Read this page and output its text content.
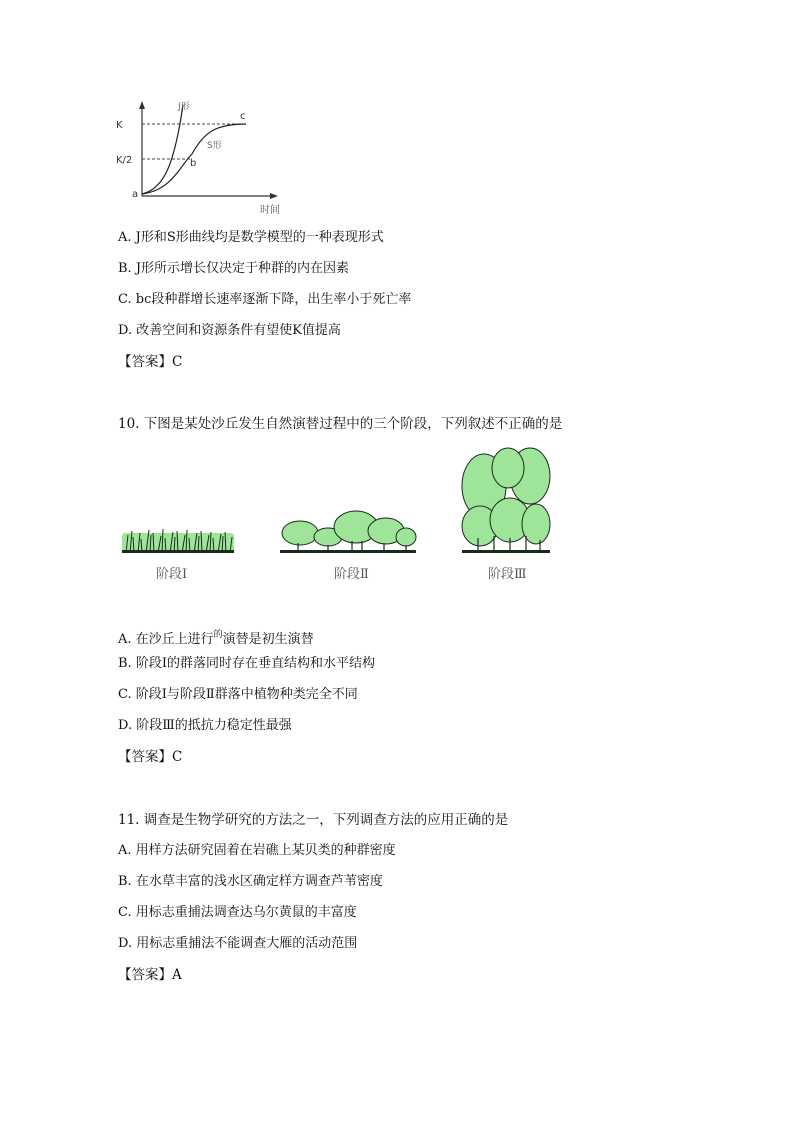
K
K/2
a
J形
S形
b
c
时间
A. J形和S形曲线均是数学模型的一种表现形式
B. J形所示增长仅决定于种群的内在因素
C. bc段种群增长速率逐渐下降，出生率小于死亡率
D. 改善空间和资源条件有望使K值提高
【答案】C
10. 下图是某处沙丘发生自然演替过程中的三个阶段，下列叙述不正确的是
阶段Ⅰ	阶段Ⅱ	阶段Ⅲ
A. 在沙丘上进行$^的$演替是初生演替
B. 阶段Ⅰ的群落同时存在垂直结构和水平结构
C. 阶段Ⅰ与阶段Ⅱ群落中植物种类完全不同
D. 阶段Ⅲ的抵抗力稳定性最强
【答案】C
11. 调查是生物学研究的方法之一，下列调查方法的应用正确的是
A. 用样方法研究固着在岩礁上某贝类的种群密度
B. 在水草丰富的浅水区确定样方调查芦苇密度
C. 用标志重捕法调查达乌尔黄鼠的丰富度
D. 用标志重捕法不能调查大雁的活动范围
【答案】A
